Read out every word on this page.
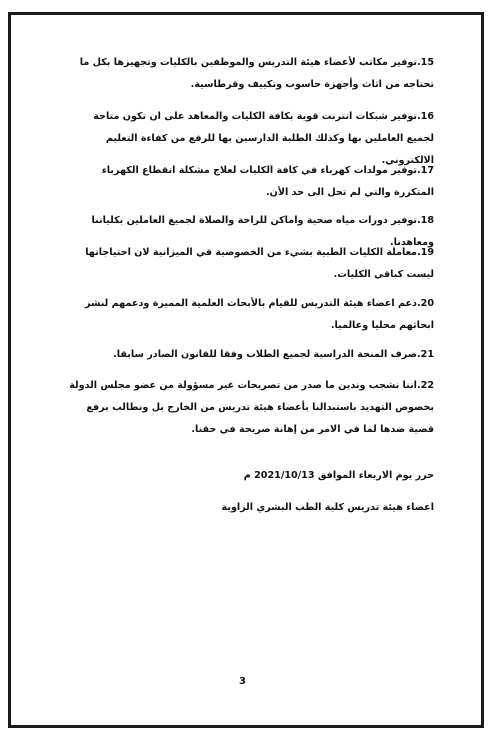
15.توفير مكاتب لأعضاء هيئة التدريس والموظفين بالكليات وتجهيزها بكل ما تحتاجه من اثاث وأجهزة حاسوب وتكييف وقرطاسية.
16.توفير شبكات انترنت قوية بكافة الكليات والمعاهد على ان تكون متاحة لجميع العاملين بها وكذلك الطلبة الدارسين بها للرفع من كفاءة التعليم الالكتروني.
17.توفير مولدات كهرباء في كافة الكليات لعلاج مشكلة انقطاع الكهرباء المتكررة والتي لم تحل الى حد الأن.
18.توفير دورات مياه صحية واماكن للراحة والصلاة لجميع العاملين بكلياتنا ومعاهدنا.
19.معاملة الكليات الطبية بشيء من الخصوصية في الميزانية لان احتياجاتها ليست كباقي الكليات.
20.دعم اعضاء هيئة التدريس للقيام بالأبحاث العلمية المميزة ودعمهم لنشر ابحاثهم محليا وعالميا.
21.صرف المنحة الدراسية لجميع الطلاب وفقا للقانون الصادر سابقا.
22.اننا نشجب وندين ما صدر من تصريحات غير مسؤولة من عضو مجلس الدولة بخصوص التهديد باستبدالنا بأعضاء هيئة تدريس من الخارج بل ونطالب برفع قضية ضدها لما في الامر من إهانة صريحة في حقنا.
حرر يوم الاربعاء الموافق 2021/10/13 م
اعضاء هيئة تدريس كلية الطب البشري الزاوية
3
